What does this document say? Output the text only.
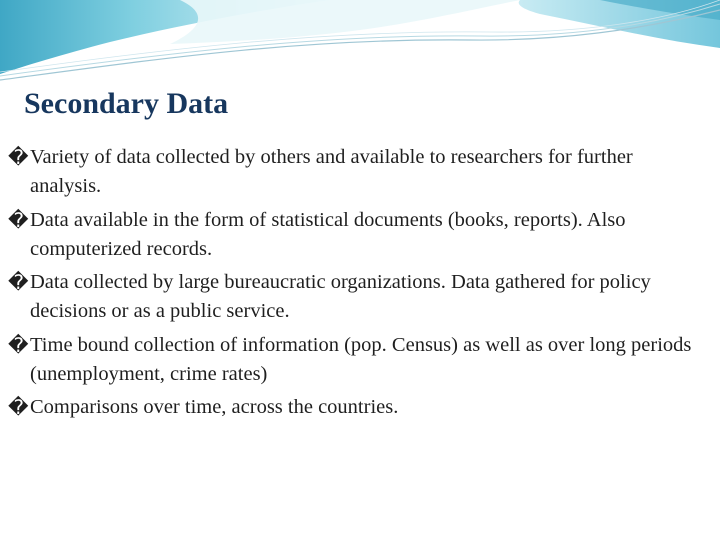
Secondary Data
� Variety of data collected by others and available to researchers for further analysis.
� Data available in the form of statistical documents (books, reports). Also computerized records.
� Data collected by large bureaucratic organizations. Data gathered for policy decisions or as a public service.
� Time bound collection of information (pop. Census) as well as over long periods (unemployment, crime rates)
� Comparisons over time, across the countries.
